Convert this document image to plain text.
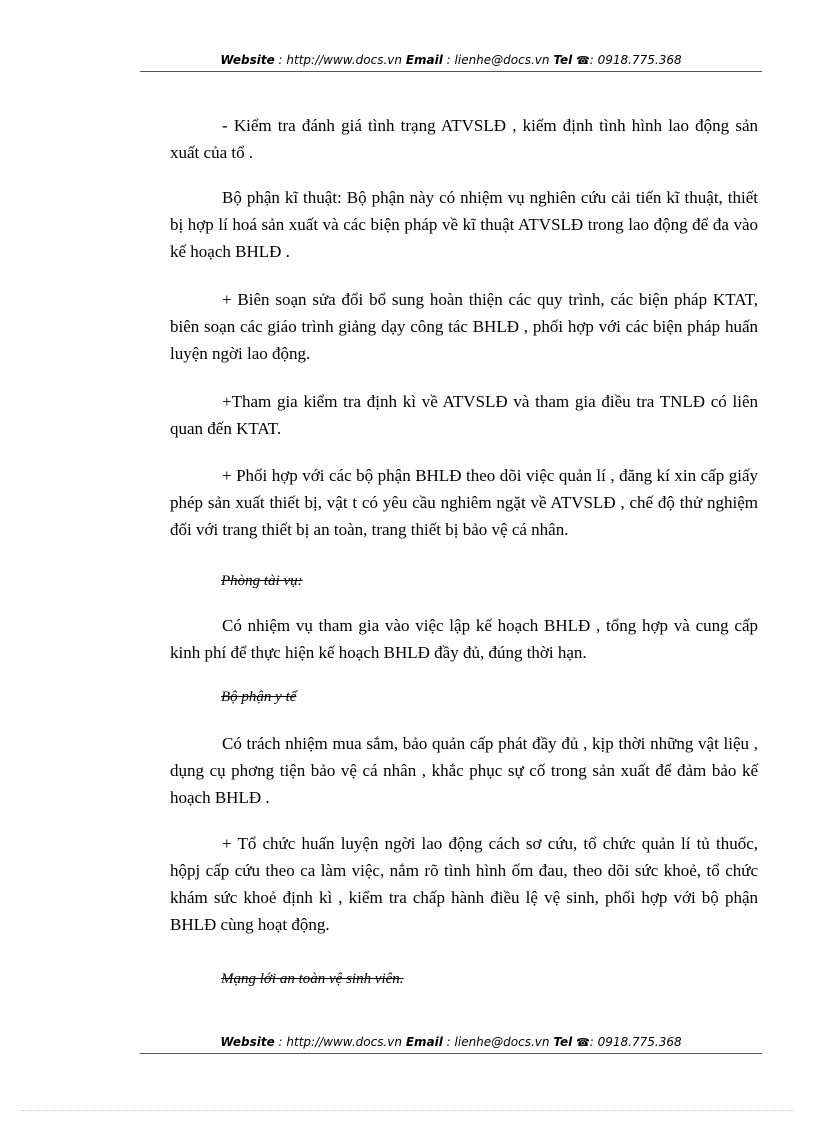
Website : http://www.docs.vn Email : lienhe@docs.vn Tel ☎: 0918.775.368

- Kiểm tra đánh giá tình trạng ATVSLĐ , kiểm định tình hình lao động sản xuất của tổ .

Bộ phận kĩ thuật: Bộ phận này có nhiệm vụ nghiên cứu cải tiến kĩ thuật, thiết bị hợp lí hoá sản xuất và các biện pháp về kĩ thuật ATVSLĐ trong lao động để đa vào kế hoạch BHLĐ .

+ Biên soạn sửa đổi bổ sung hoàn thiện các quy trình, các biện pháp KTAT, biên soạn các giáo trình giảng dạy công tác BHLĐ , phối hợp với các biện pháp huấn luyện ngời lao động.

+Tham gia kiểm tra định kì về ATVSLĐ và tham gia điều tra TNLĐ có liên quan đến KTAT.

+ Phối hợp với các bộ phận BHLĐ theo dõi việc quản lí , đăng kí xin cấp giấy phép sản xuất thiết bị, vật t có yêu cầu nghiêm ngặt về ATVSLĐ , chế độ thử nghiệm đối với trang thiết bị an toàn, trang thiết bị bảo vệ cá nhân.

Phòng tài vụ:

Có nhiệm vụ tham gia vào việc lập kế hoạch BHLĐ , tổng hợp và cung cấp kinh phí để thực hiện kế hoạch BHLĐ đầy đủ, đúng thời hạn.

Bộ phận y tế

Có trách nhiệm mua sắm, bảo quản cấp phát đầy đủ , kịp thời những vật liệu , dụng cụ phơng tiện bảo vệ cá nhân , khắc phục sự cố trong sản xuất để đảm bảo kế hoạch BHLĐ .

+ Tổ chức huấn luyện ngời lao động cách sơ cứu, tổ chức quản lí tủ thuốc, hộpj cấp cứu theo ca làm việc, nắm rõ tình hình ốm đau, theo dõi sức khoẻ, tổ chức khám sức khoẻ định kì , kiểm tra chấp hành điều lệ vệ sinh, phối hợp với bộ phận BHLĐ cùng hoạt động.

Mạng lới an toàn vệ sinh viên.
Website : http://www.docs.vn Email : lienhe@docs.vn Tel ☎: 0918.775.368
